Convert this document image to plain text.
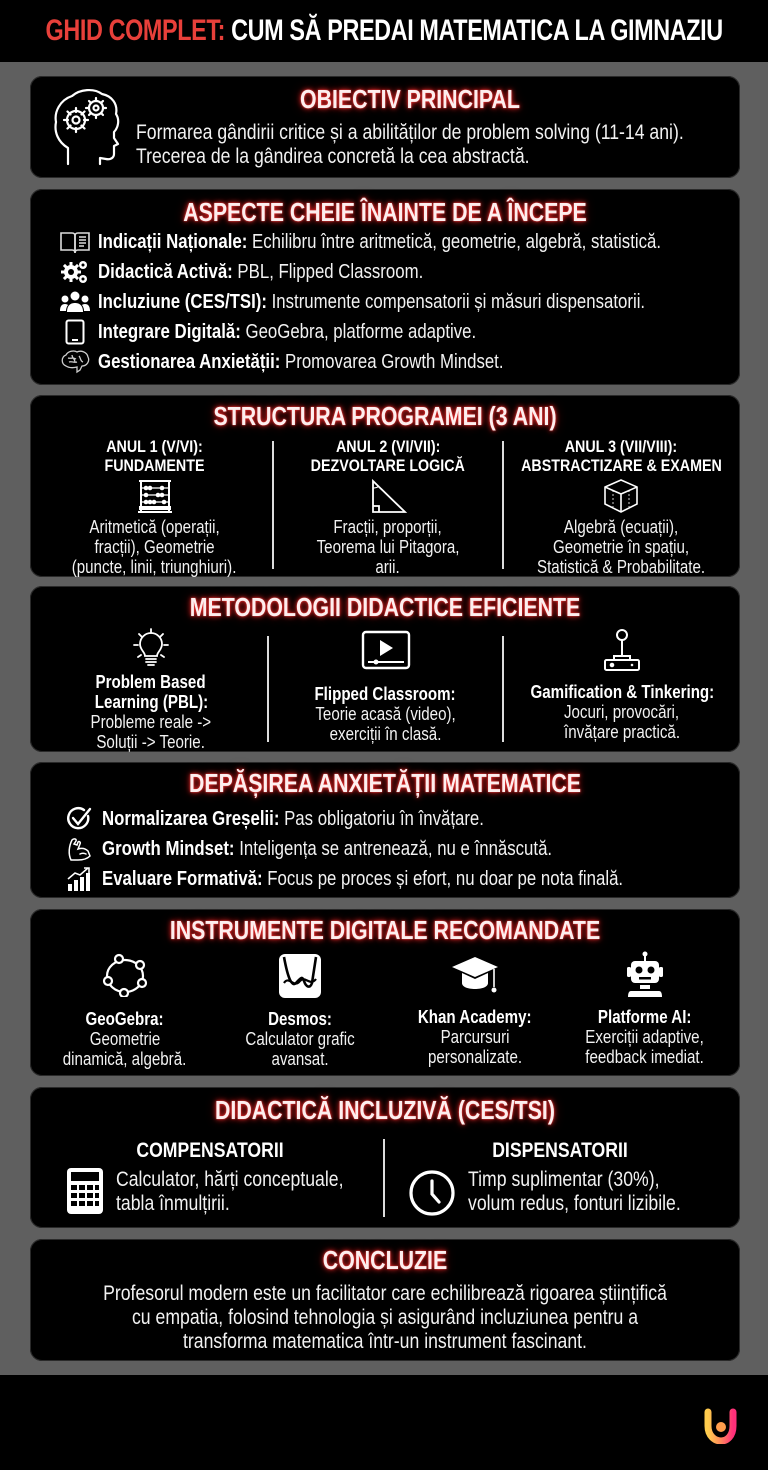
GHID COMPLET: CUM SĂ PREDAI MATEMATICA LA GIMNAZIU
OBIECTIV PRINCIPAL
Formarea gândirii critice și a abilităților de problem solving (11-14 ani).
Trecerea de la gândirea concretă la cea abstractă.
ASPECTE CHEIE ÎNAINTE DE A ÎNCEPE
Indicații Naționale: Echilibru între aritmetică, geometrie, algebră, statistică.
Didactică Activă: PBL, Flipped Classroom.
Incluziune (CES/TSI): Instrumente compensatorii și măsuri dispensatorii.
Integrare Digitală: GeoGebra, platforme adaptive.
Gestionarea Anxietății: Promovarea Growth Mindset.
STRUCTURA PROGRAMEI (3 ANI)
ANUL 1 (V/VI):
FUNDAMENTE
Aritmetică (operații,
fracții), Geometrie
(puncte, linii, triunghiuri).
ANUL 2 (VI/VII):
DEZVOLTARE LOGICĂ
Fracții, proporții,
Teorema lui Pitagora,
arii.
ANUL 3 (VII/VIII):
ABSTRACTIZARE & EXAMEN
Algebră (ecuații),
Geometrie în spațiu,
Statistică & Probabilitate.
METODOLOGII DIDACTICE EFICIENTE
Problem Based
Learning (PBL):
Probleme reale ->
Soluții -> Teorie.
Flipped Classroom:
Teorie acasă (video),
exerciții în clasă.
Gamification & Tinkering:
Jocuri, provocări,
învățare practică.
DEPĂȘIREA ANXIETĂȚII MATEMATICE
Normalizarea Greșelii: Pas obligatoriu în învățare.
Growth Mindset: Inteligența se antrenează, nu e înnăscută.
Evaluare Formativă: Focus pe proces și efort, nu doar pe nota finală.
INSTRUMENTE DIGITALE RECOMANDATE
GeoGebra:
Geometrie
dinamică, algebră.
Desmos:
Calculator grafic
avansat.
Khan Academy:
Parcursuri
personalizate.
Platforme AI:
Exerciții adaptive,
feedback imediat.
DIDACTICĂ INCLUZIVĂ (CES/TSI)
COMPENSATORII
Calculator, hărți conceptuale,
tabla înmulțirii.
DISPENSATORII
Timp suplimentar (30%),
volum redus, fonturi lizibile.
CONCLUZIE
Profesorul modern este un facilitator care echilibrează rigoarea științifică
cu empatia, folosind tehnologia și asigurând incluziunea pentru a
transforma matematica într-un instrument fascinant.
